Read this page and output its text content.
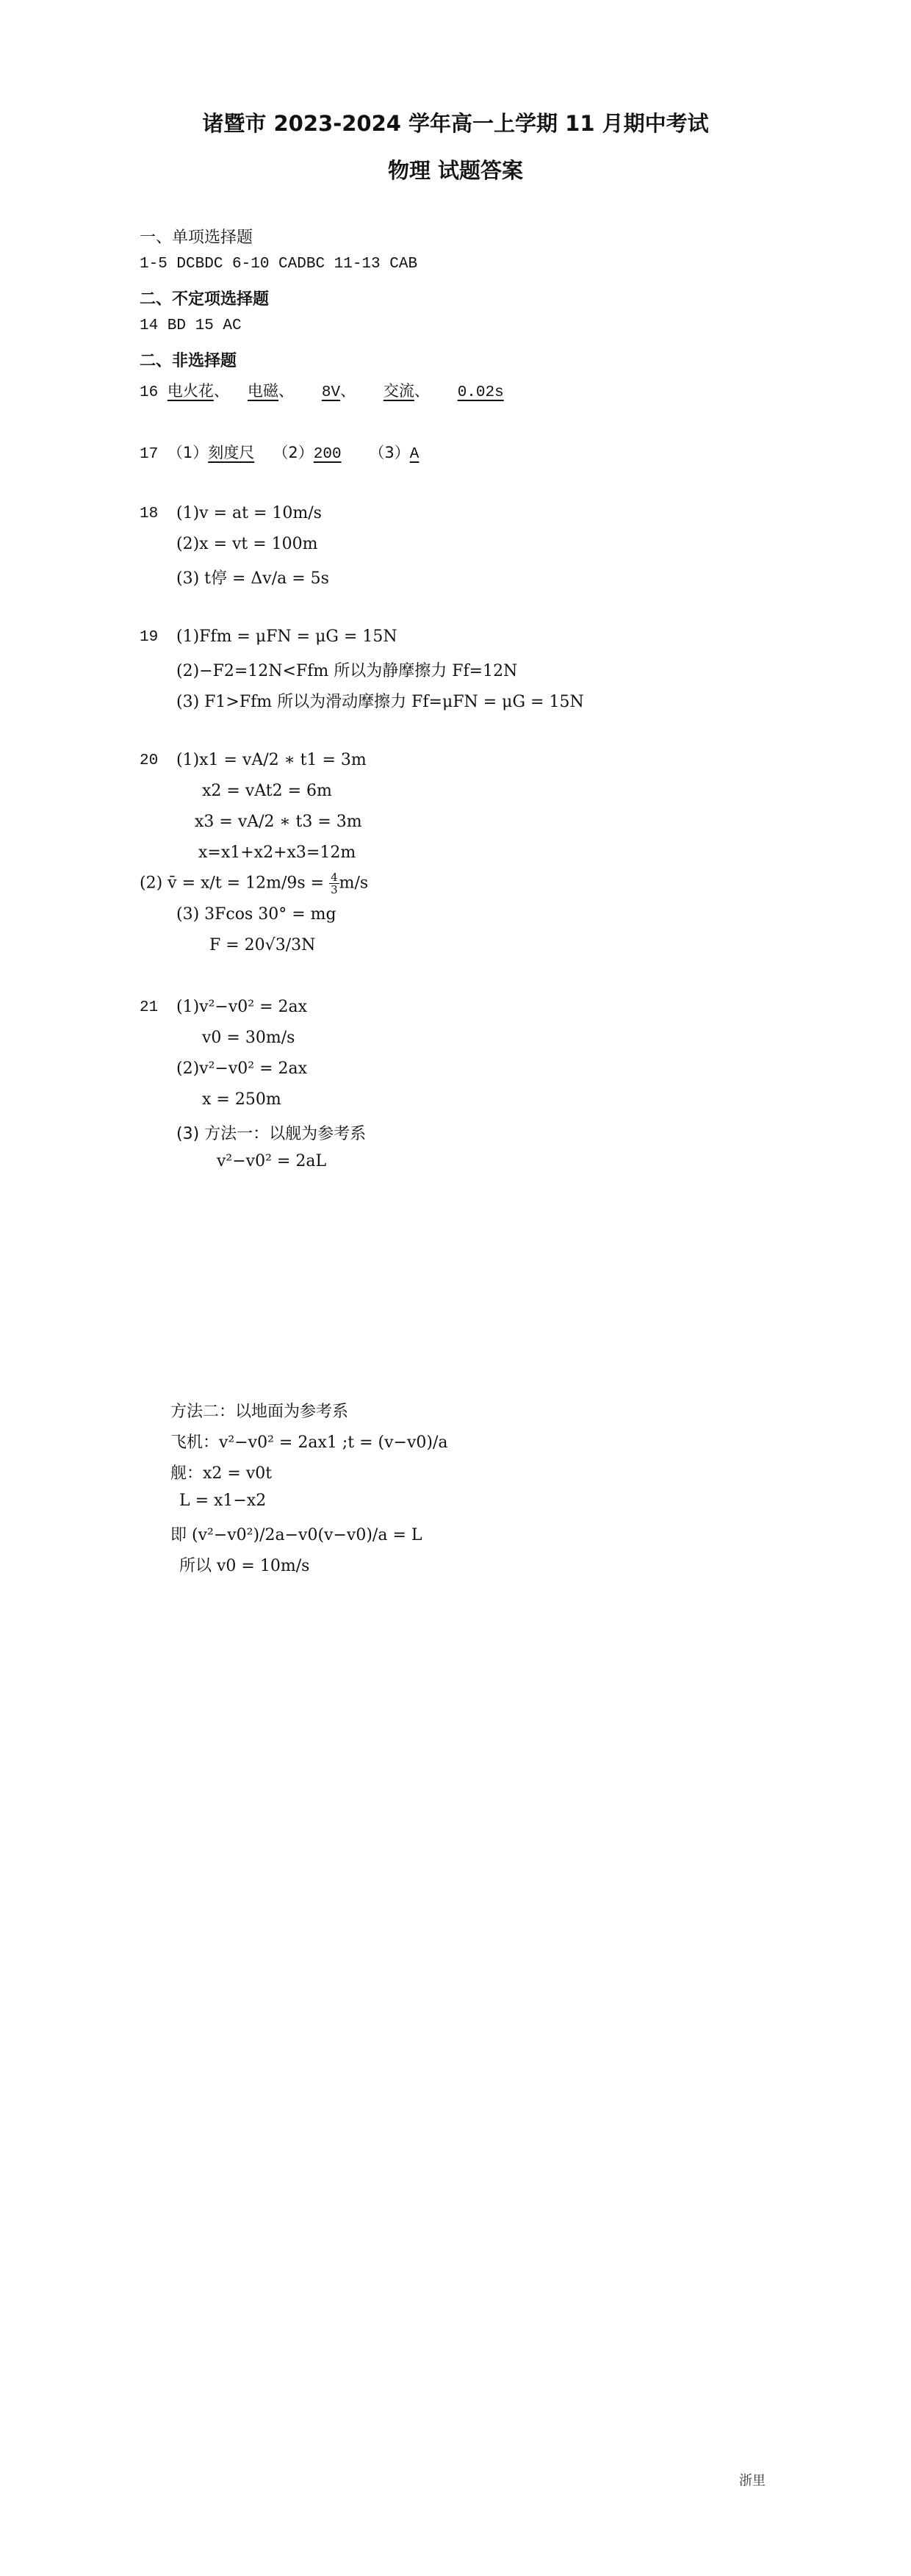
诸暨市 2023-2024 学年高一上学期 11 月期中考试
物理 试题答案
一、单项选择题
1-5 DCBDC 6-10 CADBC 11-13 CAB
二、不定项选择题
14 BD 15 AC
二、非选择题
16 电火花、 电磁、 8V、 交流、 0.02s
17 （1）刻度尺 （2）200 （3）A
18 (1)v = at = 10m/s
(2)x = vt = 100m
(3) t停 = Δv/a = 5s
19 (1)Ffm = μFN = μG = 15N
(2)−F2=12N<Ffm 所以为静摩擦力 Ff=12N
(3) F1>Ffm 所以为滑动摩擦力 Ff=μFN = μG = 15N
20 (1)x1 = vA/2 ∗ t1 = 3m
x2 = vAt2 = 6m
x3 = vA/2 ∗ t3 = 3m
x=x1+x2+x3=12m
(2) v̄ = $x/t = 12m/9s = \frac{4}{3} m/s$
(3) 3Fcos 30° = mg
F = 20√3/3N
21 (1)v²−v0² = 2ax
v0 = 30m/s
(2)v²−v0² = 2ax
x = 250m
(3) 方法一：以舰为参考系
v²−v0² = 2aL
方法二：以地面为参考系
飞机：v²−v0² = 2ax1 ;t = (v−v0)/a
舰：x2 = v0t
L = x1−x2
即 (v²−v0²)/2a−v0(v−v0)/a = L
所以 v0 = 10m/s
浙里
